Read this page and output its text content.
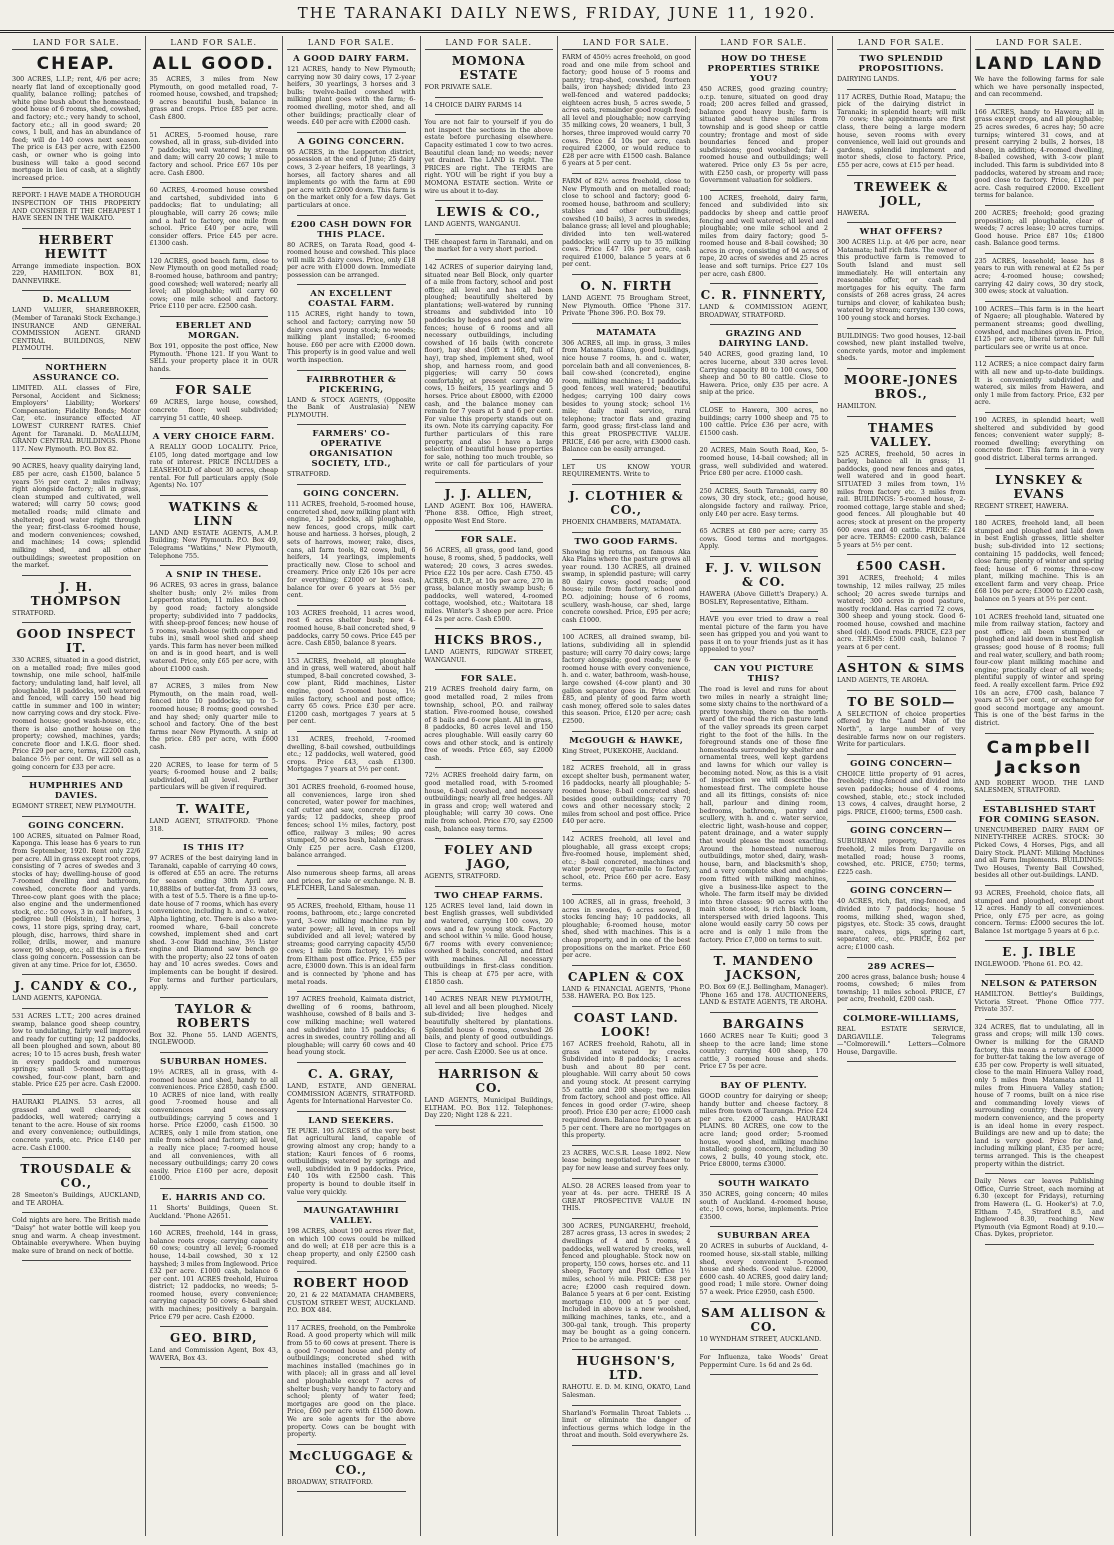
THE TARANAKI DAILY NEWS, FRIDAY, JUNE 11, 1920.
LAND FOR SALE.
CHEAP.

300 ACRES, L.I.P.; rent, 4/6 per acre; nearly flat land of exceptionally good quality, balance rolling; patches of white pine bush about the homestead; good house of 6 rooms, shed, cowshed, and factory; etc.; very handy to school, factory etc.; all in good sward; 20 cows, 1 bull, and has an abundance of feed; will do 140 cows next season. The price is £43 per acre, with £2500 cash, or owner who is going into business will take a good second mortgage in lieu of cash, at a slightly increased price.

REPORT: I HAVE MADE A THOROUGH INSPECTION OF THIS PROPERTY AND CONSIDER IT THE CHEAPEST I HAVE SEEN IN THE WAIKATO.

HERBERT HEWITT

Arrange immediate inspection. BOX 229, HAMILTON. BOX 81, DANNEVIRKE.

D. McALLUM

LAND VALUER, SHAREBROKER, (Member of Taranaki Stock Exchange.) INSURANCE AND GENERAL COMMISSION AGENT. GRAND CENTRAL BUILDINGS, NEW PLYMOUTH.

NORTHERN ASSURANCE CO.

LIMITED. ALL classes of Fire, Personal, Accident and Sickness; Employers' Liability; Workers' Compensation; Fidelity Bonds; Motor Car, etc. insurance effected AT LOWEST CURRENT RATES. Chief Agent for Taranaki. D. McALLUM, GRAND CENTRAL BUILDINGS. Phone 117. New Plymouth. P.O. Box 82.

90 ACRES, heavy quality dairying land, £85 per acre, cash £1500, balance 5 years 5½ per cent. 2 miles railway; right alongside factory; all in grass, clean stumped and cultivated, well watered; will carry 50 cows; good metalled roads; mild climate and sheltered; good water right through the year; first-class 6-roomed house, and modern conveniences; cowshed, and machines; 14 cows; splendid milking shed, and all other outbuildings; sweetest proposition on the market.

J. H. THOMPSON

STRATFORD.

GOOD INSPECT IT.

330 ACRES, situated in a good district, on a metalled road; five miles good township, one mile school, half-mile factory; undulating land, half level, all ploughable, 18 paddocks, well watered and fenced, will carry 150 head big cattle in summer and 100 in winter; now carrying cows and dry stock. Five-roomed house; good wash-house, etc.; there is also another house on the property; cowshed, machines, yards; concrete floor and I.K.G. floor shed. Price £29 per acre, terms, £2200 cash, balance 5½ per cent. Or will sell as a going concern for £33 per acre.

HUMPHRIES AND DAVIES.

EGMONT STREET, NEW PLYMOUTH.

GOING CONCERN.

100 ACRES, situated on Palmer Road, Kaponga. This lease has 6 years to run from September, 1920. Rent only 22/6 per acre. All in grass except root crops, consisting of 7 acres of swedes and 3 stocks of hay; dwelling-house of good 7-roomed dwelling and bathroom, cowshed, concrete floor and yards. Three-cow plant goes with the place; also engine and the undermentioned stock, etc.: 50 cows, 3 in calf heifers, 1 pedigree bull (Holstein), 1 horse, 3 cows, 11 store pigs, spring dray, cart, plough, disc, harrows, third share in roller, drills, mower, and manure sower, 90 sheep, etc.; all this is a first-class going concern. Possession can be given at any time. Price for lot, £3650.

J. CANDY & CO.,

LAND AGENTS, KAPONGA.

531 ACRES L.T.T.; 200 acres drained swamp, balance good sheep country, low to undulating, fairly well improved and ready for cutting up; 12 paddocks, all been ploughed and sown, about 80 acres; 10 to 15 acres bush, fresh water in every paddock and numerous springs; small 5-roomed cottage; cowshed, four-cow plant, barn and stable. Price £25 per acre. Cash £2000.

HAURAKI PLAINS. 53 acres, all grassed and well cleared; six paddocks, well watered; carrying a tenant to the acre. House of six rooms and every convenience; outbuildings, concrete yards, etc. Price £140 per acre. Cash £1000.

TROUSDALE & CO.,

28 Smeeton's Buildings, AUCKLAND, and TE AROHA.

Cold nights are here. The British made "Daisy" hot water bottle will keep you snug and warm. A cheap investment. Obtainable everywhere. When buying make sure of brand on neck of bottle.

LAND FOR SALE.
ALL GOOD.

35 ACRES, 3 miles from New Plymouth, on good metalled road, 7-roomed house, cowshed, and trapshed; 9 acres beautiful bush, balance in grass and crops. Price £85 per acre. Cash £800.

51 ACRES, 5-roomed house, rare cowshed, all in grass, sub-divided into 7 paddocks; well watered by stream and dam; will carry 20 cows; 1 mile to factory and school. Price £67 10s per acre. Cash £800.

60 ACRES, 4-roomed house cowshed and cartshed, subdivided into 6 paddocks; flat to undulating; all ploughable, will carry 26 cows; mile and a half to factory, one mile from school. Price £40 per acre, will consider offers. Price £45 per acre. £1300 cash.

120 ACRES, good beach farm, close to New Plymouth on good metalled road; 8-roomed house, bathroom and pantry; good cowshed; well watered; nearly all level; all ploughable; will carry 60 cows; one mile school and factory. Price £110 per acre. £2500 cash.

EBERLET AND MORGAN.

Box 191, opposite the post office, New Plymouth. 'Phone 121. If you Want to SELL your property place it in OUR hands.

FOR SALE

69 ACRES, large house, cowshed, concrete floor; well subdivided; carrying 51 cattle, 40 sheep.

A VERY CHOICE FARM.

A REALLY GOOD LOCALITY. Price, £105, long dated mortgage and low rate of interest. PRICE INCLUDES a LEASEHOLD of about 30 acres, cheap rental. For full particulars apply (Sole Agents) No. 107

WATKINS & LINN

LAND AND ESTATE AGENTS, A.M.P. Building; New Plymouth. P.O. Box 49, Telegrams "Watkins," New Plymouth, Telephone 755.

A SNIP IN THESE.

96 ACRES, 93 acres in grass, balance shelter bush; only 2½ miles from Lepperton station, 11 miles to school by good road; factory alongside property; subdivided into 7 paddocks, with sheep-proof fences; new house of 5 rooms, wash-house (with copper and tubs in), small wool shed and sheep yards. This farm has never been milked on and is in good heart, and is well watered. Price, only £65 per acre, with about £1000 cash.

87 ACRES, 3 miles from New Plymouth, on the main road, well-fenced into 10 paddocks; up to 5-roomed house; 8 rooms; good cowshed and hay shed; only quarter mile to school and factory. One of the best farms near New Plymouth. A snip at the price. £85 per acre, with £600 cash.

220 ACRES, to lease for term of 5 years; 6-roomed house and 2 bails; subdivided, all level. Further particulars will be given if required.

T. WAITE,

LAND AGENT, STRATFORD. 'Phone 318.

IS THIS IT?

97 ACRES of the best dairying land in Taranaki, capable of carrying 40 cows, is offered at £55 an acre. The returns for season ending 30th April are 10,888lbs of butter-fat, from 33 cows, with a test of 5.5. There is a fine up-to-date house of 7 rooms, which has every convenience, including h. and c. water, Alpha lighting, etc. There is also a two-roomed whare, 6-bail concrete cowshed, implement shed and cart shed. 3-cow Ridd machine, 3½ Lister engine and Diamond saw bench go with the property; also 22 tons of oaten hay and 10 acres swedes. Cows and implements can be bought if desired. For terms and further particulars, apply.

TAYLOR & ROBERTS

Box 32. Phone 55. LAND AGENTS, INGLEWOOD.

SUBURBAN HOMES.

19½ ACRES, all in grass, with 4-roomed house and shed, handy to all conveniences. Price £2850, cash £500. 10 ACRES of nice land, with really good 7-roomed house and all conveniences and necessary outbuildings; carrying 5 cows and 1 horse. Price £2000, cash £1500. 30 ACRES, only 1 mile from station, one mile from school and factory; all level, a really nice place; 7-roomed house and all conveniences, with all necessary outbuildings; carry 20 cows easily. Price £160 per acre, deposit £1000.

E. HARRIS AND CO.

11 Shorts' Buildings, Queen St. Auckland. 'Phone A2651.

160 ACRES, freehold, 144 in grass, balance roots crops; carrying capacity 60 cows; country all level; 6-roomed house, 14-bail cowshed, 30 x 12 hayshed; 3 miles from Inglewood. Price £32 per acre. £1000 cash, balance 6 per cent. 101 ACRES freehold, Huiroa district; 12 paddocks, no weeds; 5-roomed house, every convenience; carrying capacity 50 cows; 6-bail shed with machines; positively a bargain. Price £79 per acre. Cash £2000.

GEO. BIRD,

Land and Commission Agent, Box 43, WAVERA, Box 43.

LAND FOR SALE.
A GOOD DAIRY FARM.

121 ACRES, handy to New Plymouth; carrying now 30 dairy cows, 17 2-year heifers, 30 yearlings, 3 horses and 3 bulls; twelve-bailed cowshed with milking plant goes with the farm; 6-roomed dwelling, motor shed, and all other buildings; practically clear of weeds. £40 per acre with £2000 cash.

A GOING CONCERN.

95 ACRES, in the Lepperton district, possession at the end of June; 25 dairy cows, 3 2-year heifers, 18 yearlings, 3 horses, all factory shares and all implements go with the farm at £90 per acre with £2000 down. This farm is on the market only for a few days. Get particulars at once.

£200 CASH DOWN FOR THIS PLACE.

80 ACRES, on Tarata Road, good 4-roomed house and cowshed. This place will milk 25 dairy cows. Price, only £18 per acre with £1000 down. Immediate possession can be arranged.

AN EXCELLENT COASTAL FARM.

115 ACRES, right handy to town, school and factory; carrying now 50 dairy cows and young stock; no weeds; milking plant installed; 6-roomed house. £60 per acre with £2000 down. This property is in good value and well worth inspection.

FAIRBROTHER & PICKERING,

LAND & STOCK AGENTS, (Opposite the Bank of Australasia) NEW PLYMOUTH.

FARMERS' CO-OPERATIVE ORGANISATION SOCIETY, LTD.,

STRATFORD.

GOING CONCERN.

111 ACRES, freehold, 5-roomed house, concreted shed, new milking plant with engine, 12 paddocks, all ploughable, new fences, good crops, milk cart house and harness. 3 horses, plough, 2 sets of harrows, mower, rake, discs, cans, all farm tools, 82 cows, bull, 6 heifers, 14 yearlings, implements practically new. Close to school and creamery. Price only £26 10s per acre for everything; £2000 or less cash, balance for over 6 years at 5½ per cent.

103 ACRES freehold, 11 acres wood, rest 6 acres shelter bush; new 4-roomed house, 8-bail concreted shed, 9 paddocks, carry 50 cows. Price £45 per acre. Cash £850, balance 8 years.

153 ACRES, freehold, all ploughable and in grass, well watered, about half stumped, 8-bail concreted cowshed, 3-cow plant, Ridd machines, Lister engine, good 5-roomed house, 1½ miles factory, school and post office; carry 65 cows. Price £30 per acre. £1200 cash, mortgages 7 years at 5 per cent.

131 ACRES, freehold, 7-roomed dwelling, 8-bail cowshed, outbuildings etc.; 12 paddocks, well watered, good crops. Price £43, cash £1300. Mortgages 7 years at 5½ per cent.

301 ACRES freehold, 6-roomed house, all conveniences, large iron shed concreted, water power for machines, calf cutter and saw, concrete dip and yards; 12 paddocks, sheep proof fences; school 1½ miles, factory, post office, railway 3 miles; 90 acres stumped, 50 acres bush, balance grass. Only £25 per acre. Cash £1200, balance arranged.

Also numerous sheep farms, all areas and prices, for sale or exchange. N. B. FLETCHER, Land Salesman.

95 ACRES, freehold, Eltham, house 11 rooms, bathroom, etc.; large concreted yard, 3-cow milking machine run by water power; all level, in crops well subdivided and all level; watered by streams; good carrying capacity 45/50 cows; 1 mile from factory, 1½ miles from Eltham post office. Price, £55 per acre, £3000 down. This is an ideal farm and is connected by 'phone and has metal roads.

197 ACRES freehold, Kaimata district, dwelling of 6 rooms, bathroom, washhouse, cowshed of 8 bails and 3-cow milking machine; well watered and subdivided into 15 paddocks; 6 acres in swedes, country rolling and all ploughable; will carry 60 cows and 40 head young stock.

C. A. GRAY,

LAND, ESTATE, AND GENERAL COMMISSION AGENTS, STRATFORD. Agents for International Harvester Co.

LAND SEEKERS.

TE PUKE. 195 ACRES of the very best flat agricultural land, capable of growing almost any crop; handy to a station; Kauri fences of 6 rooms, outbuildings; watered by springs and well, subdivided in 9 paddocks. Price, £40 10s with £2500 cash. This property is bound to double itself in value very quickly.

MAUNGATAWHIRI VALLEY.

198 ACRES, about 190 acres river flat, on which 100 cows could be milked and do well; at £18 per acre this is a cheap property, and only £2500 cash required.

ROBERT HOOD

20, 21 & 22 MATAMATA CHAMBERS, CUSTOM STREET WEST, AUCKLAND. P.O. BOX 484.

117 ACRES, freehold, on the Pembroke Road. A good property which will milk from 55 to 60 cows at present. There is a good 7-roomed house and plenty of outbuildings; concreted shed with machines installed (machines go in with place); all in grass and all level and ploughable except 7 acres of shelter bush; very handy to factory and school; plenty of water feed; mortgages are good on the place. Price, £60 per acre with £1500 down. We are sole agents for the above property. Cows can be bought with property.

McCLUGGAGE & CO.,

BROADWAY, STRATFORD.

LAND FOR SALE.
MOMONA ESTATE

FOR PRIVATE SALE.

14 CHOICE DAIRY FARMS 14

You are not fair to yourself if you do not inspect the sections in the above estate before purchasing elsewhere. Capacity estimated 1 cow to two acres. Beautiful clean land; no weeds; never yet drained. The LAND is right. The PRICES are right. The TERMS are right. YOU will be right if you buy a MOMONA ESTATE section. Write or wire us about it to-day.

LEWIS & CO.,

LAND AGENTS, WANGANUI.

THE cheapest farm in Taranaki, and on the market for a very short period.

142 ACRES of superior dairying land, situated near Bell Block, only quarter of a mile from factory, school and post office; all level and has all been ploughed; beautifully sheltered by plantations; well-watered by running streams and subdivided into 10 paddocks by hedges and post and wire fences; house of 6 rooms and all necessary outbuildings, including cowshed of 16 bails (with concrete floor), hay shed (50ft x 16ft, full of hay), trap shed, implement shed, wool shop, and harness room, and good piggeries; will carry 50 cows comfortably, at present carrying 40 cows, 15 heifers, 15 yearlings and 5 horses. Price about £8000, with £2000 cash, and the balance money can remain for 7 years at 5 and 6 per cent. For value this property stands out on its own. Note its carrying capacity. For further particulars of this rare property, and also I have a large selection of beautiful house properties for sale, nothing too much trouble, so write or call for particulars of your requirements.

J. J. ALLEN,

LAND AGENT. Box 106, HAWERA. 'Phone 838. Office, High street, opposite West End Store.

FOR SALE.

56 ACRES, all grass, good land, good house, 8 rooms, shed, 5 paddocks, well watered; 20 cows, 3 acres swedes. Price £22 10s per acre. Cash £750. 45 ACRES, O.R.P., at 10s per acre, 270 in grass, balance mostly swamp bush; 6 paddocks, well watered, 4-roomed cottage, woolshed, etc.; Waitotara 18 miles. Winter's 3 sheep per acre. Price £4 2s per acre. Cash £500.

HICKS BROS.,

LAND AGENTS, RIDGWAY STREET, WANGANUI.

FOR SALE.

219 ACRES freehold dairy farm, on good metalled road, 2 miles from township, school, P.O. and railway station. Five-roomed house, cowshed of 8 bails and 6-cow plant. All in grass, 8 paddocks, 80 acres level and 150 acres ploughable. Will easily carry 60 cows and other stock, and is entirely free of weeds. Price £65, say £2000 cash.

72½ ACRES freehold dairy farm, on good metalled road, with 5-roomed house, 6-bail cowshed, and necessary outbuildings; nearly all free hedges. All in grass and crop; well watered and ploughable; will carry 30 cows. One mile from school. Price £70, say £2500 cash, balance easy terms.

FOLEY AND JAGO,

AGENTS, STRATFORD.

TWO CHEAP FARMS.

125 ACRES level land, laid down in best English grasses, well subdivided and watered, carrying 100 cows, 20 cows and a few young stock. Factory and school within ¼ mile. Good house, 6/7 rooms with every convenience; cowshed 8 bails, concreted, and fitted with machines. All necessary outbuildings in first-class condition. This is cheap at £75 per acre, with £1850 cash.

140 ACRES NEAR NEW PLYMOUTH, all level and all been ploughed. Nicely sub-divided; live hedges and beautifully sheltered by plantations. Splendid house 6 rooms, cowshed 26 bails, and plenty of good outbuildings. Close to factory and school. Price £75 per acre. Cash £2000. See us at once.

HARRISON & CO.

LAND AGENTS, Municipal Buildings, ELTHAM. P.O. Box 112. Telephones: Day 220; Night 128 & 221.

LAND FOR SALE.

FARM of 450½ acres freehold, on good road and one mile from school and factory; good house of 5 rooms and pantry; trap-shed, cowshed, fourteen bails, iron hayshed; divided into 23 well-fenced and watered paddocks; eighteen acres bush, 5 acres swede, 5 acres oats, remainder good rough feed; all level and ploughable; now carrying 35 milking cows, 20 weaners, 1 bull, 3 horses, three improved would carry 70 cows. Price £4 10s per acre, cash required £2000, or would reduce to £28 per acre with £1500 cash. Balance 6 years at 5 per cent.

FARM of 82½ acres freehold, close to New Plymouth and on metalled road; close to school and factory; good 6-roomed house, bathroom and scullery; stables and other outbuildings; cowshed (10 bails), 3 acres in swedes, balance grass; all level and ploughable; divided into ten well-watered paddocks; will carry up to 35 milking cows. Price £47 10s per acre, cash required £1000, balance 5 years at 6 per cent.

O. N. FIRTH

LAND AGENT. 75 Brougham Street, New Plymouth. Office 'Phone 317. Private 'Phone 396. P.O. Box 79.

MATAMATA

306 ACRES, all imp. in grass, 3 miles from Matamata Glaxo, good buildings, nice house 7 rooms, h. and c. water, porcelain bath and all conveniences, 8-bail cow-shed (concreted), engine room, milking machines; 11 paddocks, good fences, well watered; beautiful hedges; carrying 100 dairy cows besides to young stock; school 1½ mile; daily mail service, rural telephone; tractor flats and grazing farm, good grass; first-class land and this great PROSPECTIVE VALUE. PRICE, £46 per acre, with £3000 cash. Balance can be easily arranged.

LET US KNOW YOUR REQUIREMENTS. Write to

J. CLOTHIER & CO.,

PHOENIX CHAMBERS, MATAMATA.

TWO GOOD FARMS.

Showing big returns, on famous Aka Aka Plains where the pasture grows all year round. 130 ACRES, all drained swamp, in splendid pasture; will carry 80 dairy cows; good roads; good house; mile from factory, school and P.O. adjoining; house of 6 rooms, scullery, wash-house, car shed, large concrete cowshed. Price, £95 per acre; cash £1000.

100 ACRES, all drained swamp, bil-lations, subdividing all in splendid pasture; will carry 70 dairy cows; large factory alongside; good roads; new 6-roomed house with every convenience, h. and c. water, bathroom, wash-house, large cowshed (4-cow plant) and 30 gallon separator goes in. Price about £85, and plenty of good farm worth cash money, offered sole to sales dates this season. Price, £120 per acre; cash £2500.

McGOUGH & HAWKE,

King Street, PUKEKOHE, Auckland.

182 ACRES freehold, all in grass except shelter bush, permanent water, 16 paddocks, nearly all ploughable; 5-roomed house; 8-bail concreted shed; besides good outbuildings; carry 70 cows and other necessary stock; 2 miles from school and post office. Price £40 per acre.

142 ACRES freehold, all level and ploughable, all grass except crops; five-roomed house, implement shed, etc.; 8-bail concreted, machines and water power, quarter-mile to factory, school, etc. Price £60 per acre. Easy terms.

100 ACRES, all in grass, freehold, 3 acres in swedes, 6 acres sowed, 8 stocks fencing hay; 10 paddocks, all ploughable; 6-roomed house, motor shed, shed with machines. This is a cheap property, and in one of the best propositions on the market. Price £60 per acre.

CAPLEN & COX

LAND & FINANCIAL AGENTS, 'Phone 538. HAWERA. P.O. Box 125.

COAST LAND. LOOK!

167 ACRES freehold, Rahotu, all in grass and watered by creeks. Subdivided into 8 paddocks; 1 acres bush and about 80 per cent. ploughable. Will carry about 50 cows and young stock. At present carrying 55 cattle and 200 sheep; two miles from factory, school and post office. All fences in good order (7-wire, sheep proof). Price £30 per acre; £1000 cash required down. Balance for 10 years at 5 per cent. There are no mortgages on this property.

23 ACRES, W.C.S.R. Lease 1892. New lease being negotiated. Purchaser to pay for new lease and survey fees only.

ALSO. 28 ACRES leased from year to year at 4s. per acre. THERE IS A GREAT PROSPECTIVE VALUE IN THIS.

300 ACRES, PUNGAREHU, freehold, 287 acres grass, 13 acres in swedes; 2 dwellings of 4 and 5 rooms, 4 paddocks, well watered by creeks, well fenced and ploughable. Stock now on property, 150 cows, horses etc. and 11 sheep, Factory and Post Office 1½ miles, school ½ mile. PRICE: £38 per acre; £2000 cash required down. Balance 5 years at 6 per cent. Existing mortgage £10, 000 at 5 per cent. Included in above is a new woolshed, milking machines, tanks, etc., and a 300-gal tank, trough. This property may be bought as a going concern. Price to be arranged.

HUGHSON'S, LTD.

RAHOTU. E. D. M. KING, OKATO, Land Salesman.

Sharland's Formalin Throat Tablets ... limit or eliminate the danger of infectious germs which lodge in the throat and mouth. Sold everywhere 2s.

LAND FOR SALE.
HOW DO THESE PROPERTIES STRIKE YOU?

450 ACRES, good grazing country; o.r.p. tenure, situated on good dray road; 200 acres felled and grassed, balance good heavy bush; farm is situated about three miles from township and is good sheep or cattle country; frontage and most of side boundaries fenced and proper subdivisions; good woolshed; fair 4-roomed house and outbuildings; well watered. Price only £3 5s per acre, with £250 cash, or property will pass Government valuation for soldiers.

100 ACRES, freehold, dairy farm, fenced and subdivided into six paddocks by sheep and cattle proof fencing and well watered; all level and ploughable; one mile school and 2 miles from dairy factory; good 5-roomed house and 8-bail cowshed; 30 acres in crop, consisting of 94 acres of rape, 20 acres of swedes and 25 acres lease and soft turnips. Price £27 10s per acre, cash £800.

C. R. FINNERTY,

LAND & COMMISSION AGENT, BROADWAY, STRATFORD.

GRAZING AND DAIRYING LAND.

540 ACRES, good grazing land, 10 acres lucerne, about 330 acres level. Carrying capacity 80 to 100 cows, 500 sheep and 50 to 80 cattle. Close to Hawera. Price, only £35 per acre. A snip at the price.

CLOSE to Hawera, 300 acres, no buildings; carry 1000 sheep and 75 to 100 cattle. Price £36 per acre, with £1500 cash.

20 ACRES, Main South Road, Keo, 5-roomed house, 14-bail cowshed; all in grass, well subdivided and watered. Price £80 per acre. £1000 cash.

250 ACRES, South Taranaki, carry 80 cows, 30 dry stock, etc.; good house, alongside factory and railway. Price, only £40 per acre. Easy terms.

65 ACRES at £80 per acre; carry 35 cows. Good terms and mortgages. Apply.

F. J. V. WILSON & CO.

HAWERA (Above Gillett's Drapery.) A. BOSLEY, Representative, Eltham.

HAVE you ever tried to draw a real mental picture of the farm you have seen has gripped you and you want to pass it on to your friends just as it has appealed to you?

CAN YOU PICTURE THIS?

The road is level and runs for about two miles in nearly a straight line; some sixty chains to the northward of a pretty township, there on the north-ward of the road the rich pasture land of the valley spreads its green carpet right to the foot of the hills. In the foreground stands one of those fine homesteads surrounded by shelter and ornamental trees, well kept gardens and lawns for which our valley is becoming noted. Now, as this is a visit of inspection we will describe the homestead first. The complete house and all its fittings, consists of: nice hall, parlour and dining room, bedrooms, bathroom, pantry and scullery, with h. and c. water service, electric light, wash-house and copper, patent drainage, and a water supply that would please the most exacting. Around the homestead numerous outbuildings, motor shed, dairy, wash-house, barn, and blacksmith's shop, and a very complete shed and engine-room fitted with milking machines, give a business-like aspect to the whole. The farm itself may be divided into three classes: 90 acres with the main stone stood, is rich black loam, interspersed with dried lagoons. This alone would easily carry 50 cows per acre and is only 1 mile from the factory. Price £7,000 on terms to suit.

T. MANDENO JACKSON,

P.O. Box 69 (E.J. Bellingham, Manager). 'Phone 165 and 178. AUCTIONEERS, LAND & ESTATE AGENTS, TE AROHA.

BARGAINS

1660 ACRES near Te Kuiti; good 3 sheep to the acre land; lime stone country; carrying 400 sheep, 170 cattle, 3 roomed house and sheds. Price £7 5s per acre.

BAY OF PLENTY.

GOOD country for dairying or sheep; handy butter and cheese factory. 8 miles from town of Tauranga. Price £24 per acre. £2000 cash. HAURAKI PLAINS. 80 ACRES, one cow to the acre land; good order; 5-roomed house, wood shed, milking machine installed; going concern, including 30 cows, 2 bulls, 40 young stock, etc. Price £8000, terms £3000.

SOUTH WAIKATO

350 ACRES, going concern; 40 miles south of Auckland. 4-roomed house, etc.; 10 cows, horse, implements. Price £3500.

SUBURBAN AREA

20 ACRES in suburbs of Auckland, 4-roomed house, six-stall stable, milking shed, every convenient 5-roomed house and sheds. Good value. £2000, £600 cash. 40 ACRES, good dairy land; good road; 1 mile store. Owner doing 57 a week. Price £2950, cash £500.

SAM ALLISON & CO.

10 WYNDHAM STREET, AUCKLAND.

For Influenza, take Woods' Great Peppermint Cure. 1s 6d and 2s 6d.

LAND FOR SALE.
TWO SPLENDID PROPOSITIONS.

DAIRYING LANDS.

117 ACRES, Duthie Road, Matapu; the pick of the dairying district in Taranaki; in splendid heart; will milk 70 cows; the appointments are first class, there being a large modern house, seven rooms with every convenience, well laid out grounds and gardens, splendid implement and motor sheds, close to factory. Price, £55 per acre, cows at £15 per head.

TREWEEK & JOLL,

HAWERA.

WHAT OFFERS?

300 ACRES l.i.p. at 4/6 per acre, near Matamata; half rich flats. The owner of this productive farm is removed to South Island and must sell immediately. He will entertain any reasonable offer, or cash and mortgages for his equity. The farm consists of 268 acres grass, 24 acres turnips and clover, of kahikatea bush; watered by stream; carrying 130 cows, 100 young stock and horses.

BUILDINGS: Two good houses, 12-bail cowshed, new plant installed twelve, concrete yards, motor and implement sheds.

MOORE-JONES BROS.,

HAMILTON.

THAMES VALLEY.

525 ACRES, freehold, 50 acres in barley, balance all in grass; 11 paddocks, good new fences and gates, well watered and in good heart. SITUATED 3 miles from town, 1½ miles from factory etc. 3 miles from rail. BUILDINGS: 5-roomed house, 2-roomed cottage, large stable and shed; good fences. All ploughable but 40 acres; stock at present on the property 600 ewes and 40 cattle. PRICE: £24 per acre. TERMS: £2000 cash, balance 5 years at 5½ per cent.

£500 CASH.

391 ACRES, freehold; 4 miles township, 12 miles railway, 25 miles school; 20 acres swede turnips and watered; 300 acres in good pasture, mostly rockland. Has carried 72 cows, 300 sheep and young stock. Good 6-roomed house, cowshed and machine shed (old). Good roads. PRICE, £23 per acre. TERMS: £500 cash, balance 7 years at 6 per cent.

ASHTON & SIMS

LAND AGENTS, TE AROHA.

TO BE SOLD—

A SELECTION of choice properties offered by the "Land Man of the North", a large number of very desirable farms now on our registers. Write for particulars.

GOING CONCERN—

CHOICE little property of 91 acres, freehold; ring-fenced and divided into seven paddocks; house of 4 rooms, cowshed, stable, etc.; stock included 13 cows, 4 calves, draught horse, 2 pigs. PRICE, £1600; terms, £500 cash.

GOING CONCERN—

SUBURBAN property, 17 acres freehold, 2 miles from Dargaville on metalled road; house 3 rooms, cowshed, etc. PRICE, £750; terms, £225 cash.

GOING CONCERN—

40 ACRES, rich, flat, ring-fenced, and divided into 7 paddocks; house 5 rooms, milking shed, wagon shed, pigstyes, etc. Stock: 35 cows, draught mare, calves, pigs, spring cart, separator, etc., etc. PRICE, £62 per acre; £1000 cash.

289 ACRES—

200 acres grass, balance bush; house 4 rooms, cowshed; 6 miles from township; 11 miles school. PRICE, £7 per acre, freehold, £200 cash.

COLMORE-WILLIAMS,

REAL ESTATE SERVICE, DARGAVILLE. Telegrams—"Colmorewill." Letters—Colmore House, Dargaville.

LAND FOR SALE.
LAND LAND

We have the following farms for sale which we have personally inspected, and can recommend.

166 ACRES, handy to Hawera; all in grass except crops, and all ploughable; 25 acres swedes, 6 acres hay; 50 acre turnips; wintered 31 cows, and at present carrying 2 bulls, 2 horses, 18 sheep, in addition; 4-roomed dwelling, 8-bailed cowshed, with 3-cow plant included. This farm is subdivided into 8 paddocks, watered by stream and race; good close to factory. Price, £120 per acre. Cash required £2000. Excellent terms for balance.

200 ACRES; freehold; good grazing proposition; all ploughable, clear of weeds; 7 acres lease; 10 acres turnips. Good house. Price £87 10s; £1800 cash. Balance good terms.

235 ACRES, leasehold; lease has 8 years to run with renewal at £2 5s per acre; 4-roomed house; cowshed; carrying 42 dairy cows, 30 dry stock, 300 ewes; stock at valuation.

100 ACRES—This farm is in the heart of Ngaere; all ploughable. Watered by permanent streams; good dwelling, cowshed, and machines given in. Price, £125 per acre, liberal terms. For full particulars see or write us at once.

112 ACRES; a nice compact dairy farm with all new and up-to-date buildings. It is conveniently subdivided and watered, six miles from Hawera, and only 1 mile from factory. Price, £32 per acre.

190 ACRES, in splendid heart; well sheltered and subdivided by good fences; convenient water supply; 8-roomed dwelling; everything on concrete floor. This farm is in a very good district. Liberal terms arranged.

LYNSKEY & EVANS

REGENT STREET, HAWERA.

180 ACRES, freehold land, all been stumped and ploughed and laid down in best English grasses, little shelter bush; sub-divided into 12 sections; containing 15 paddocks, well fenced; close farm; plenty of winter and spring feed; house of 6 rooms; three-cow plant, milking machine. This is an excellent farm and very cheap. Price £68 10s per acre; £3000 to £2200 cash, balance on 5 years at 5½ per cent.

101 ACRES freehold land, situated one mile from railway station, factory and post office; all been stumped or ploughed and laid down in best English grasses; good house of 8 rooms; full and real water, scullery, and bath room; four-cow plant milking machine and engine; practically clear of all weeds; plentiful supply of winter and spring feed. A really excellent farm. Price £92 10s an acre, £700 cash, balance 7 years at 5¼ per cent., or exchange for good second mortgage any amount. This is one of the best farms in the district.

Campbell Jackson

AND ROBERT WOOD. THE LAND SALESMEN, STRATFORD.

ESTABLISHED START FOR COMING SEASON.

UNENCUMBERED DAIRY FARM OF NINETY-THREE ACRES. STOCK: 30 Picked Cows, 4 Horses, Pigs, and all Dairy Stock. PLANT: Milking Machines and all Farm Implements. BUILDINGS: Two Houses, Twenty Bail Cowshed, besides all other out-buildings. LAND.

93 ACRES, Freehold, choice flats, all stumped and ploughed, except about 12 acres. Handy to all conveniences. Price, only £75 per acre, as going concern. Terms: £2000 secures the lot. Balance 1st mortgage 5 years at 6 p.c.

E. J. IBLE

INGLEWOOD. 'Phone 61. P.O. 42.

NELSON & PATERSON

HAMILTON. Bettley's Buildings, Victoria Street. 'Phone Office 777. Private 357.

324 ACRES, flat to undulating, all in grass and crops; will milk 130 cows. Owner is milking for the GRAND factory, this means a return of £3000 for butter-fat taking the low average of £35 per cow. Property is well situated, close to the main Hinuera Valley road, only 5 miles from Matamata and 11 miles from Hinuera Valley station; house of 7 rooms, built on a nice rise and commanding lovely views of surrounding country; there is every modern convenience, and the property is an ideal home in every respect. Buildings are new and up to date; the land is very good. Price for land, including milking plant, £35 per acre; terms arranged. This is the cheapest property within the district.

Daily News car leaves Publishing Office, Currie Street, each morning at 6.30 (except for Fridays), returning from Hawera (L. G. Hooker's) at 7.0, Eltham 7.45, Stratford 8.5, and Inglewood 8.30, reaching New Plymouth (via Egmont Road) at 9.10.—Chas. Dykes, proprietor.
